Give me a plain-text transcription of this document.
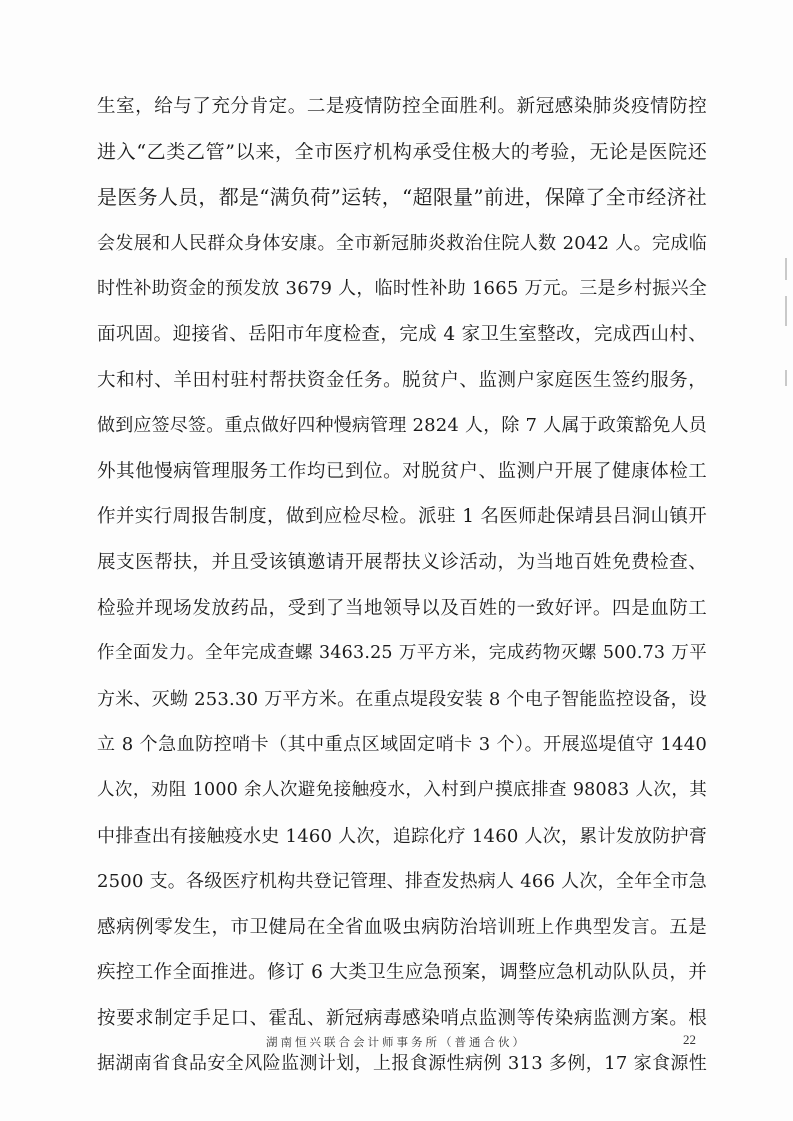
生室，给与了充分肯定。二是疫情防控全面胜利。新冠感染肺炎疫情防控
进入“乙类乙管”以来，全市医疗机构承受住极大的考验，无论是医院还
是医务人员，都是“满负荷”运转，“超限量”前进，保障了全市经济社
会发展和人民群众身体安康。全市新冠肺炎救治住院人数 2042 人。完成临
时性补助资金的预发放 3679 人，临时性补助 1665 万元。三是乡村振兴全
面巩固。迎接省、岳阳市年度检查，完成 4 家卫生室整改，完成西山村、
大和村、羊田村驻村帮扶资金任务。脱贫户、监测户家庭医生签约服务，
做到应签尽签。重点做好四种慢病管理 2824 人，除 7 人属于政策豁免人员
外其他慢病管理服务工作均已到位。对脱贫户、监测户开展了健康体检工
作并实行周报告制度，做到应检尽检。派驻 1 名医师赴保靖县吕洞山镇开
展支医帮扶，并且受该镇邀请开展帮扶义诊活动，为当地百姓免费检查、
检验并现场发放药品，受到了当地领导以及百姓的一致好评。四是血防工
作全面发力。全年完成查螺 3463.25 万平方米，完成药物灭螺 500.73 万平
方米、灭蚴 253.30 万平方米。在重点堤段安装 8 个电子智能监控设备，设
立 8 个急血防控哨卡（其中重点区域固定哨卡 3 个）。开展巡堤值守 1440
人次，劝阻 1000 余人次避免接触疫水，入村到户摸底排查 98083 人次，其
中排查出有接触疫水史 1460 人次，追踪化疗 1460 人次，累计发放防护膏
2500 支。各级医疗机构共登记管理、排查发热病人 466 人次，全年全市急
感病例零发生，市卫健局在全省血吸虫病防治培训班上作典型发言。五是
疾控工作全面推进。修订 6 大类卫生应急预案，调整应急机动队队员，并
按要求制定手足口、霍乱、新冠病毒感染哨点监测等传染病监测方案。根
据湖南省食品安全风险监测计划，上报食源性病例 313 多例，17 家食源性
湖南恒兴联合会计师事务所（普通合伙）	22
